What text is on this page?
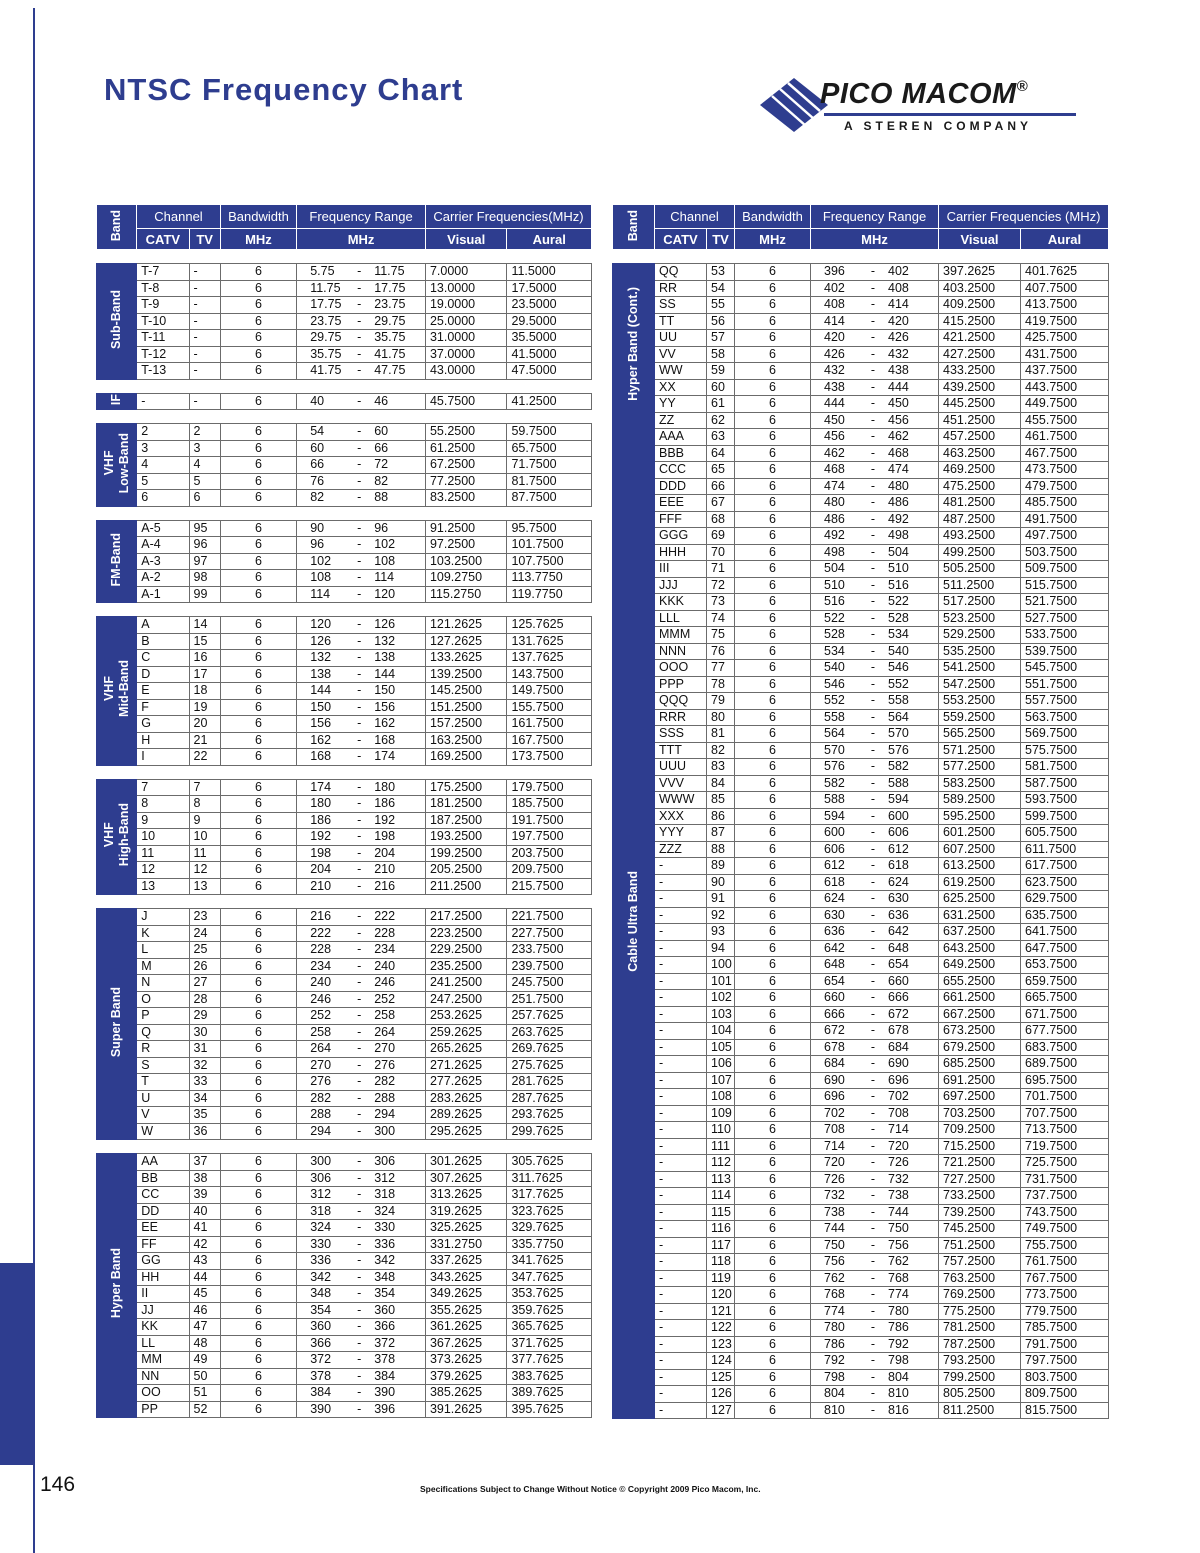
NTSC Frequency Chart	PICO MACOM®
A STEREN COMPANY
Band	Channel		Bandwidth	Frequency Range	Carrier Frequencies(MHz)	
	CATV	TV	MHz	MHz	Visual	Aural

Sub-Band	T-7	-	6	5.75 - 11.75	7.0000	11.5000
	T-8	-	6	11.75 - 17.75	13.0000	17.5000
	T-9	-	6	17.75 - 23.75	19.0000	23.5000
	T-10	-	6	23.75 - 29.75	25.0000	29.5000
	T-11	-	6	29.75 - 35.75	31.0000	35.5000
	T-12	-	6	35.75 - 41.75	37.0000	41.5000
	T-13	-	6	41.75 - 47.75	43.0000	47.5000

IF	-	-	6	40 - 46	45.7500	41.2500

VHF Low-Band	2	2	6	54 - 60	55.2500	59.7500
	3	3	6	60 - 66	61.2500	65.7500
	4	4	6	66 - 72	67.2500	71.7500
	5	5	6	76 - 82	77.2500	81.7500
	6	6	6	82 - 88	83.2500	87.7500

FM-Band	A-5	95	6	90 - 96	91.2500	95.7500
	A-4	96	6	96 - 102	97.2500	101.7500
	A-3	97	6	102 - 108	103.2500	107.7500
	A-2	98	6	108 - 114	109.2750	113.7750
	A-1	99	6	114 - 120	115.2750	119.7750

VHF Mid-Band	A	14	6	120 - 126	121.2625	125.7625
	B	15	6	126 - 132	127.2625	131.7625
	C	16	6	132 - 138	133.2625	137.7625
	D	17	6	138 - 144	139.2500	143.7500
	E	18	6	144 - 150	145.2500	149.7500
	F	19	6	150 - 156	151.2500	155.7500
	G	20	6	156 - 162	157.2500	161.7500
	H	21	6	162 - 168	163.2500	167.7500
	I	22	6	168 - 174	169.2500	173.7500

VHF High-Band	7	7	6	174 - 180	175.2500	179.7500
	8	8	6	180 - 186	181.2500	185.7500
	9	9	6	186 - 192	187.2500	191.7500
	10	10	6	192 - 198	193.2500	197.7500
	11	11	6	198 - 204	199.2500	203.7500
	12	12	6	204 - 210	205.2500	209.7500
	13	13	6	210 - 216	211.2500	215.7500

Super Band	J	23	6	216 - 222	217.2500	221.7500
	K	24	6	222 - 228	223.2500	227.7500
	L	25	6	228 - 234	229.2500	233.7500
	M	26	6	234 - 240	235.2500	239.7500
	N	27	6	240 - 246	241.2500	245.7500
	O	28	6	246 - 252	247.2500	251.7500
	P	29	6	252 - 258	253.2625	257.7625
	Q	30	6	258 - 264	259.2625	263.7625
	R	31	6	264 - 270	265.2625	269.7625
	S	32	6	270 - 276	271.2625	275.7625
	T	33	6	276 - 282	277.2625	281.7625
	U	34	6	282 - 288	283.2625	287.7625
	V	35	6	288 - 294	289.2625	293.7625
	W	36	6	294 - 300	295.2625	299.7625

Hyper Band	AA	37	6	300 - 306	301.2625	305.7625
	BB	38	6	306 - 312	307.2625	311.7625
	CC	39	6	312 - 318	313.2625	317.7625
	DD	40	6	318 - 324	319.2625	323.7625
	EE	41	6	324 - 330	325.2625	329.7625
	FF	42	6	330 - 336	331.2750	335.7750
	GG	43	6	336 - 342	337.2625	341.7625
	HH	44	6	342 - 348	343.2625	347.7625
	II	45	6	348 - 354	349.2625	353.7625
	JJ	46	6	354 - 360	355.2625	359.7625
	KK	47	6	360 - 366	361.2625	365.7625
	LL	48	6	366 - 372	367.2625	371.7625
	MM	49	6	372 - 378	373.2625	377.7625
	NN	50	6	378 - 384	379.2625	383.7625
	OO	51	6	384 - 390	385.2625	389.7625
	PP	52	6	390 - 396	391.2625	395.7625
Band	Channel		Bandwidth	Frequency Range	Carrier Frequencies (MHz)	
	CATV	TV	MHz	MHz	Visual	Aural

Hyper Band (Cont.)	QQ	53	6	396 - 402	397.2625	401.7625
	RR	54	6	402 - 408	403.2500	407.7500
	SS	55	6	408 - 414	409.2500	413.7500
	TT	56	6	414 - 420	415.2500	419.7500
	UU	57	6	420 - 426	421.2500	425.7500
	VV	58	6	426 - 432	427.2500	431.7500
	WW	59	6	432 - 438	433.2500	437.7500
	XX	60	6	438 - 444	439.2500	443.7500
	YY	61	6	444 - 450	445.2500	449.7500
	ZZ	62	6	450 - 456	451.2500	455.7500

Cable Ultra Band	AAA	63	6	456 - 462	457.2500	461.7500
	BBB	64	6	462 - 468	463.2500	467.7500
	CCC	65	6	468 - 474	469.2500	473.7500
	DDD	66	6	474 - 480	475.2500	479.7500
	EEE	67	6	480 - 486	481.2500	485.7500
	FFF	68	6	486 - 492	487.2500	491.7500
	GGG	69	6	492 - 498	493.2500	497.7500
	HHH	70	6	498 - 504	499.2500	503.7500
	III	71	6	504 - 510	505.2500	509.7500
	JJJ	72	6	510 - 516	511.2500	515.7500
	KKK	73	6	516 - 522	517.2500	521.7500
	LLL	74	6	522 - 528	523.2500	527.7500
	MMM	75	6	528 - 534	529.2500	533.7500
	NNN	76	6	534 - 540	535.2500	539.7500
	OOO	77	6	540 - 546	541.2500	545.7500
	PPP	78	6	546 - 552	547.2500	551.7500
	QQQ	79	6	552 - 558	553.2500	557.7500
	RRR	80	6	558 - 564	559.2500	563.7500
	SSS	81	6	564 - 570	565.2500	569.7500
	TTT	82	6	570 - 576	571.2500	575.7500
	UUU	83	6	576 - 582	577.2500	581.7500
	VVV	84	6	582 - 588	583.2500	587.7500
	WWW	85	6	588 - 594	589.2500	593.7500
	XXX	86	6	594 - 600	595.2500	599.7500
	YYY	87	6	600 - 606	601.2500	605.7500
	ZZZ	88	6	606 - 612	607.2500	611.7500
	-	89	6	612 - 618	613.2500	617.7500
	-	90	6	618 - 624	619.2500	623.7500
	-	91	6	624 - 630	625.2500	629.7500
	-	92	6	630 - 636	631.2500	635.7500
	-	93	6	636 - 642	637.2500	641.7500
	-	94	6	642 - 648	643.2500	647.7500
	-	100	6	648 - 654	649.2500	653.7500
	-	101	6	654 - 660	655.2500	659.7500
	-	102	6	660 - 666	661.2500	665.7500
	-	103	6	666 - 672	667.2500	671.7500
	-	104	6	672 - 678	673.2500	677.7500
	-	105	6	678 - 684	679.2500	683.7500
	-	106	6	684 - 690	685.2500	689.7500
	-	107	6	690 - 696	691.2500	695.7500
	-	108	6	696 - 702	697.2500	701.7500
	-	109	6	702 - 708	703.2500	707.7500
	-	110	6	708 - 714	709.2500	713.7500
	-	111	6	714 - 720	715.2500	719.7500
	-	112	6	720 - 726	721.2500	725.7500
	-	113	6	726 - 732	727.2500	731.7500
	-	114	6	732 - 738	733.2500	737.7500
	-	115	6	738 - 744	739.2500	743.7500
	-	116	6	744 - 750	745.2500	749.7500
	-	117	6	750 - 756	751.2500	755.7500
	-	118	6	756 - 762	757.2500	761.7500
	-	119	6	762 - 768	763.2500	767.7500
	-	120	6	768 - 774	769.2500	773.7500
	-	121	6	774 - 780	775.2500	779.7500
	-	122	6	780 - 786	781.2500	785.7500
	-	123	6	786 - 792	787.2500	791.7500
	-	124	6	792 - 798	793.2500	797.7500
	-	125	6	798 - 804	799.2500	803.7500
	-	126	6	804 - 810	805.2500	809.7500
	-	127	6	810 - 816	811.2500	815.7500
146	Specifications Subject to Change Without Notice © Copyright 2009 Pico Macom, Inc.
